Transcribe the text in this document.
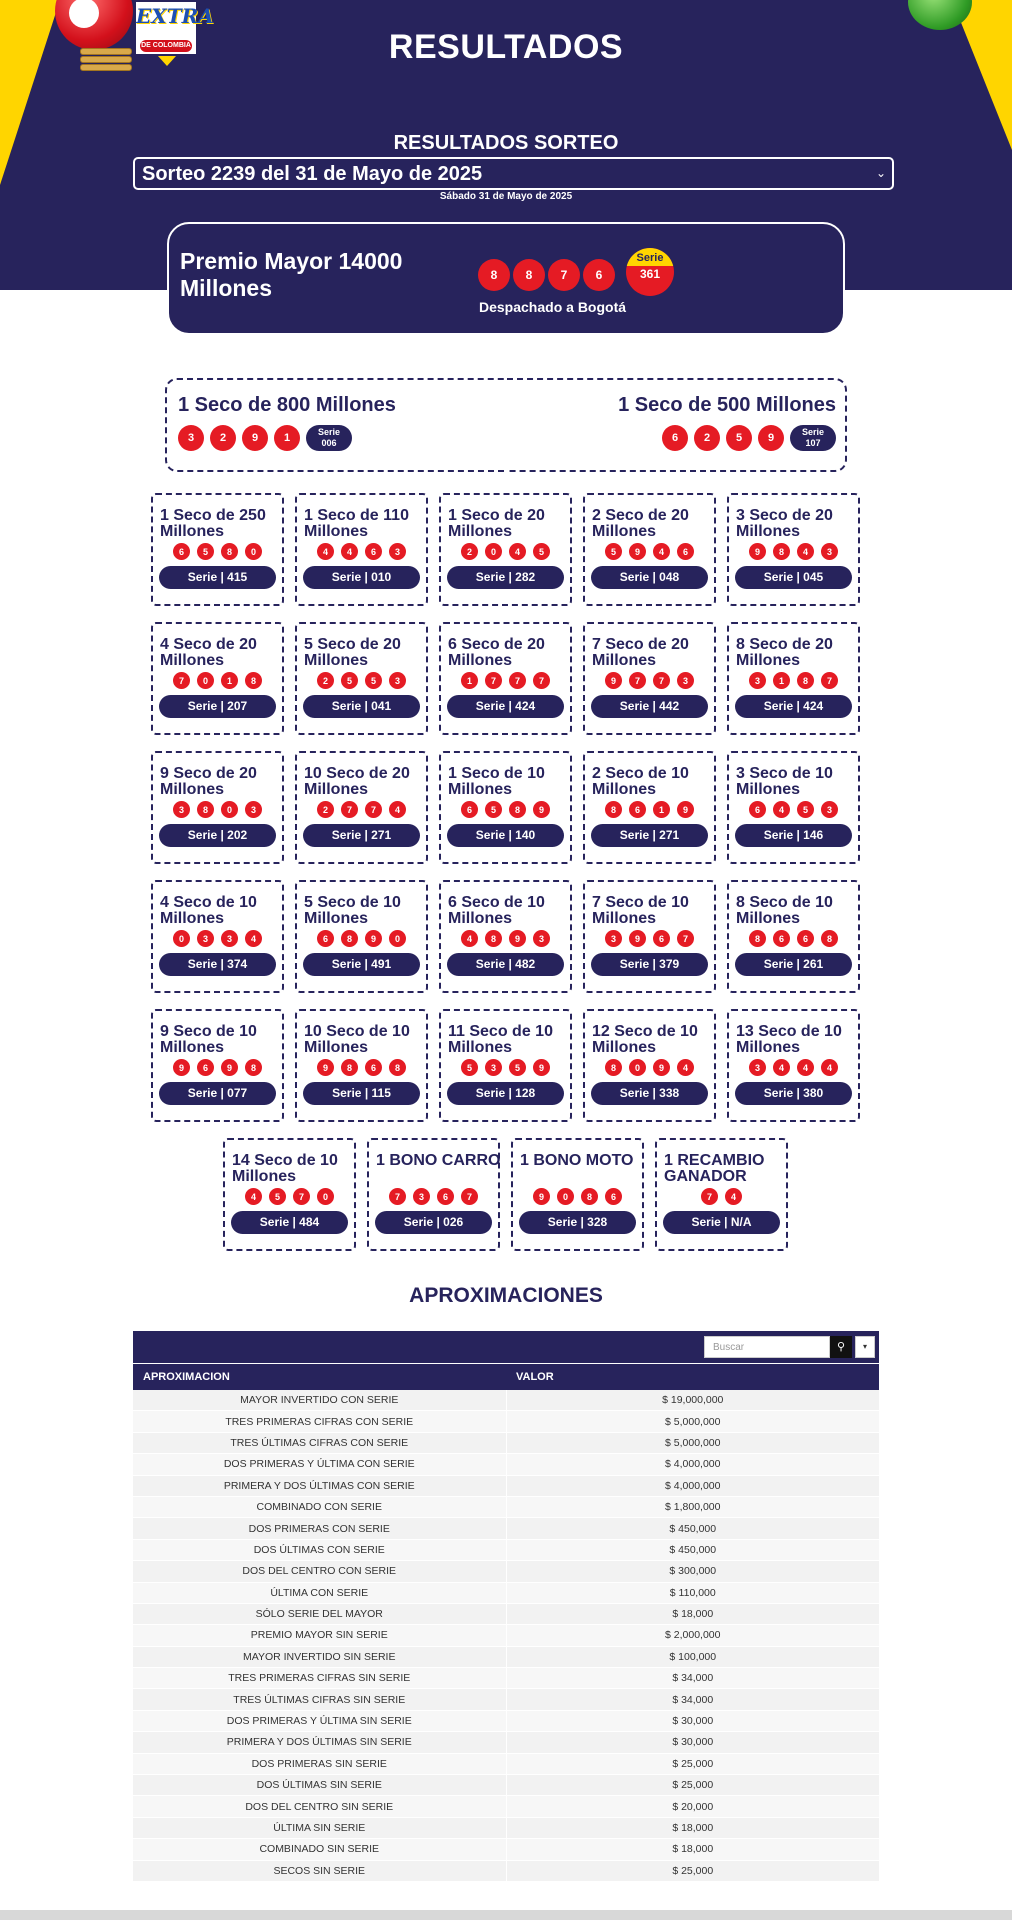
EXTRA
DE COLOMBIA	RESULTADOS
RESULTADOS SORTEO
Sorteo 2239 del 31 de Mayo de 2025	⌄
Sábado 31 de Mayo de 2025
Premio Mayor 14000 Millones	8 8 7 6
Serie
361
Despachado a Bogotá
1 Seco de 800 Millones
3 2 9 1	Serie
006
1 Seco de 500 Millones
6 2 5 9	Serie
107
1 Seco de 250 Millones
6 5 8 0
Serie | 415
1 Seco de 110 Millones
4 4 6 3
Serie | 010
1 Seco de 20 Millones
2 0 4 5
Serie | 282
2 Seco de 20 Millones
5 9 4 6
Serie | 048
3 Seco de 20 Millones
9 8 4 3
Serie | 045
4 Seco de 20 Millones
7 0 1 8
Serie | 207
5 Seco de 20 Millones
2 5 5 3
Serie | 041
6 Seco de 20 Millones
1 7 7 7
Serie | 424
7 Seco de 20 Millones
9 7 7 3
Serie | 442
8 Seco de 20 Millones
3 1 8 7
Serie | 424
9 Seco de 20 Millones
3 8 0 3
Serie | 202
10 Seco de 20 Millones
2 7 7 4
Serie | 271
1 Seco de 10 Millones
6 5 8 9
Serie | 140
2 Seco de 10 Millones
8 6 1 9
Serie | 271
3 Seco de 10 Millones
6 4 5 3
Serie | 146
4 Seco de 10 Millones
0 3 3 4
Serie | 374
5 Seco de 10 Millones
6 8 9 0
Serie | 491
6 Seco de 10 Millones
4 8 9 3
Serie | 482
7 Seco de 10 Millones
3 9 6 7
Serie | 379
8 Seco de 10 Millones
8 6 6 8
Serie | 261
9 Seco de 10 Millones
9 6 9 8
Serie | 077
10 Seco de 10 Millones
9 8 6 8
Serie | 115
11 Seco de 10 Millones
5 3 5 9
Serie | 128
12 Seco de 10 Millones
8 0 9 4
Serie | 338
13 Seco de 10 Millones
3 4 4 4
Serie | 380
14 Seco de 10 Millones
4 5 7 0
Serie | 484
1 BONO CARRO
7 3 6 7
Serie | 026
1 BONO MOTO
9 0 8 6
Serie | 328
1 RECAMBIO GANADOR
7 4
Serie | N/A
APROXIMACIONES
Buscar	⚲	▾
APROXIMACION	VALOR
MAYOR INVERTIDO CON SERIE	$ 19,000,000
TRES PRIMERAS CIFRAS CON SERIE	$ 5,000,000
TRES ÚLTIMAS CIFRAS CON SERIE	$ 5,000,000
DOS PRIMERAS Y ÚLTIMA CON SERIE	$ 4,000,000
PRIMERA Y DOS ÚLTIMAS CON SERIE	$ 4,000,000
COMBINADO CON SERIE	$ 1,800,000
DOS PRIMERAS CON SERIE	$ 450,000
DOS ÚLTIMAS CON SERIE	$ 450,000
DOS DEL CENTRO CON SERIE	$ 300,000
ÚLTIMA CON SERIE	$ 110,000
SÓLO SERIE DEL MAYOR	$ 18,000
PREMIO MAYOR SIN SERIE	$ 2,000,000
MAYOR INVERTIDO SIN SERIE	$ 100,000
TRES PRIMERAS CIFRAS SIN SERIE	$ 34,000
TRES ÚLTIMAS CIFRAS SIN SERIE	$ 34,000
DOS PRIMERAS Y ÚLTIMA SIN SERIE	$ 30,000
PRIMERA Y DOS ÚLTIMAS SIN SERIE	$ 30,000
DOS PRIMERAS SIN SERIE	$ 25,000
DOS ÚLTIMAS SIN SERIE	$ 25,000
DOS DEL CENTRO SIN SERIE	$ 20,000
ÚLTIMA SIN SERIE	$ 18,000
COMBINADO SIN SERIE	$ 18,000
SECOS SIN SERIE	$ 25,000
